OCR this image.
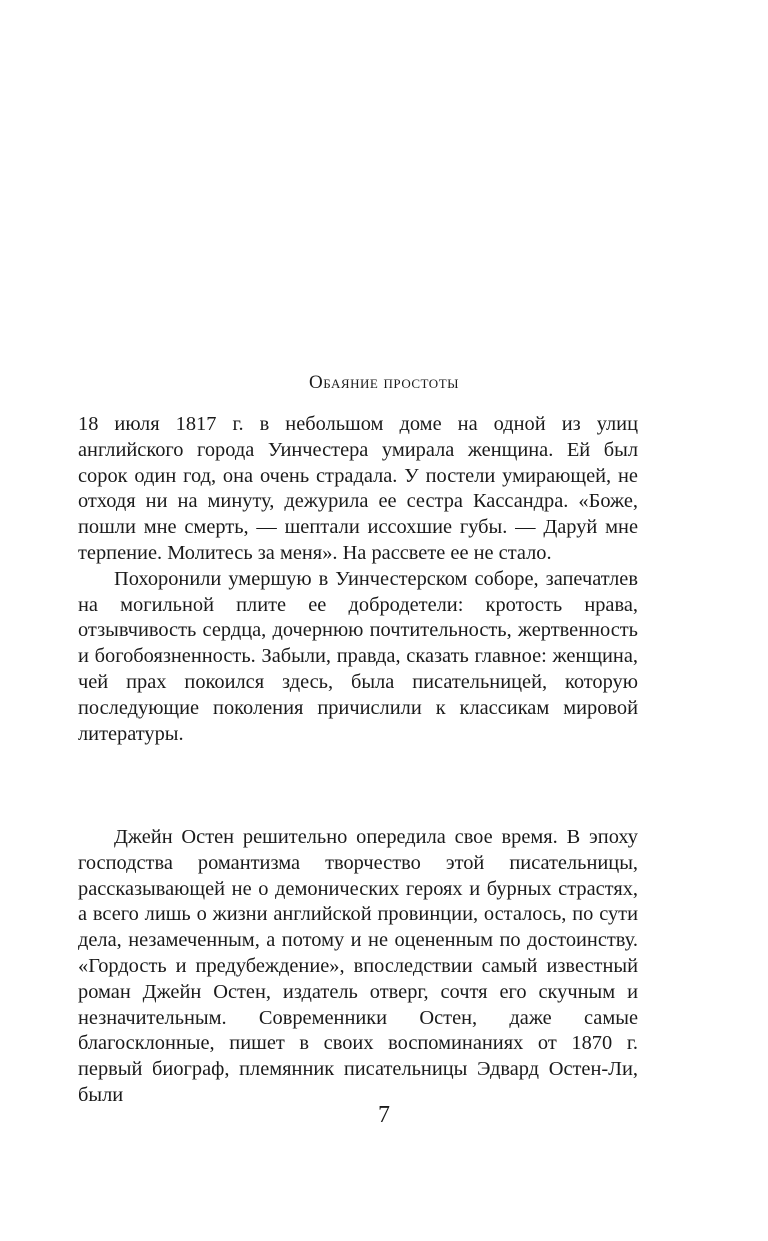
Обаяние простоты

18 июля 1817 г. в небольшом доме на одной из улиц английского города Уинчестера умирала женщина. Ей был сорок один год, она очень страдала. У постели умирающей, не отходя ни на минуту, дежурила ее сестра Кассандра. «Боже, пошли мне смерть, — шептали иссохшие губы. — Даруй мне терпение. Молитесь за меня». На рассвете ее не стало.

Похоронили умершую в Уинчестерском соборе, запечатлев на могильной плите ее добродетели: кротость нрава, отзывчивость сердца, дочернюю почтительность, жертвенность и богобоязненность. Забыли, правда, сказать главное: женщина, чей прах покоился здесь, была писательницей, которую последующие поколения причислили к классикам мировой литературы.

Джейн Остен решительно опередила свое время. В эпоху господства романтизма творчество этой писательницы, рассказывающей не о демонических героях и бурных страстях, а всего лишь о жизни английской провинции, осталось, по сути дела, незамеченным, а потому и не оцененным по достоинству. «Гордость и предубеждение», впоследствии самый известный роман Джейн Остен, издатель отверг, сочтя его скучным и незначительным. Современники Остен, даже самые благосклонные, пишет в своих воспоминаниях от 1870 г. первый биограф, племянник писательницы Эдвард Остен-Ли, были

7
